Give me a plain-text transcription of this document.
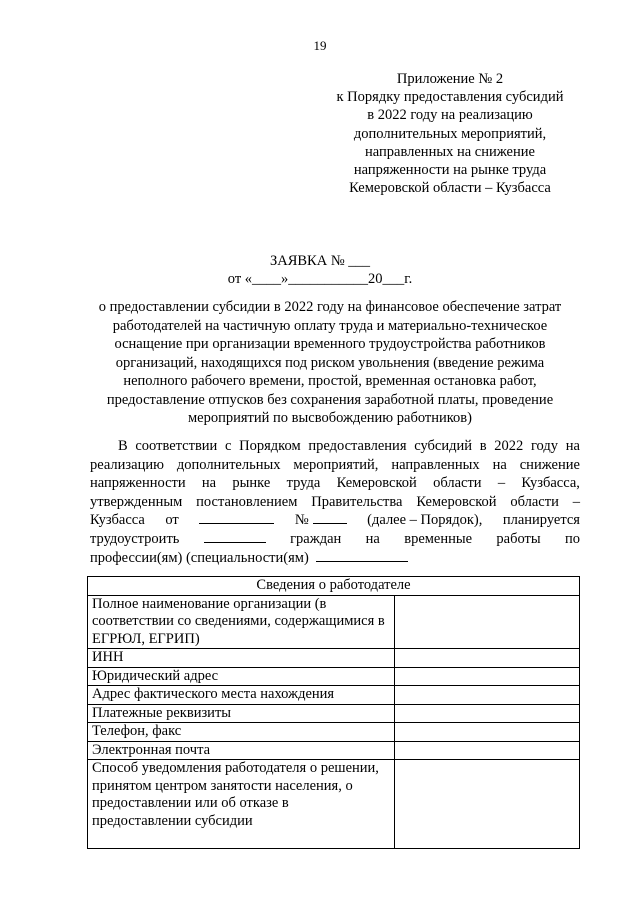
19
Приложение № 2
к Порядку предоставления субсидий
в 2022 году на реализацию
дополнительных мероприятий,
направленных на снижение
напряженности на рынке труда
Кемеровской области – Кузбасса
ЗАЯВКА № ___
от «____»___________20___г.
о предоставлении субсидии в 2022 году на финансовое обеспечение затрат
работодателей на частичную оплату труда и материально-техническое
оснащение при организации временного трудоустройства работников
организаций, находящихся под риском увольнения (введение режима
неполного рабочего времени, простой, временная остановка работ,
предоставление отпусков без сохранения заработной платы, проведение
мероприятий по высвобождению работников)
В соответствии с Порядком предоставления субсидий в 2022 году на
реализацию дополнительных мероприятий, направленных на снижение
напряженности на рынке труда Кемеровской области – Кузбасса,
утвержденным постановлением Правительства Кемеровской области –
Кузбасса от	№	(далее – Порядок), планируется
трудоустроить	граждан на временные работы по
профессии(ям) (специальности(ям)
Сведения о работодателе	
Полное наименование организации (в соответствии со сведениями, содержащимися в ЕГРЮЛ, ЕГРИП)	
ИНН	
Юридический адрес	
Адрес фактического места нахождения	
Платежные реквизиты	
Телефон, факс	
Электронная почта	
Способ уведомления работодателя о решении, принятом центром занятости населения, о предоставлении или об отказе в предоставлении субсидии	
